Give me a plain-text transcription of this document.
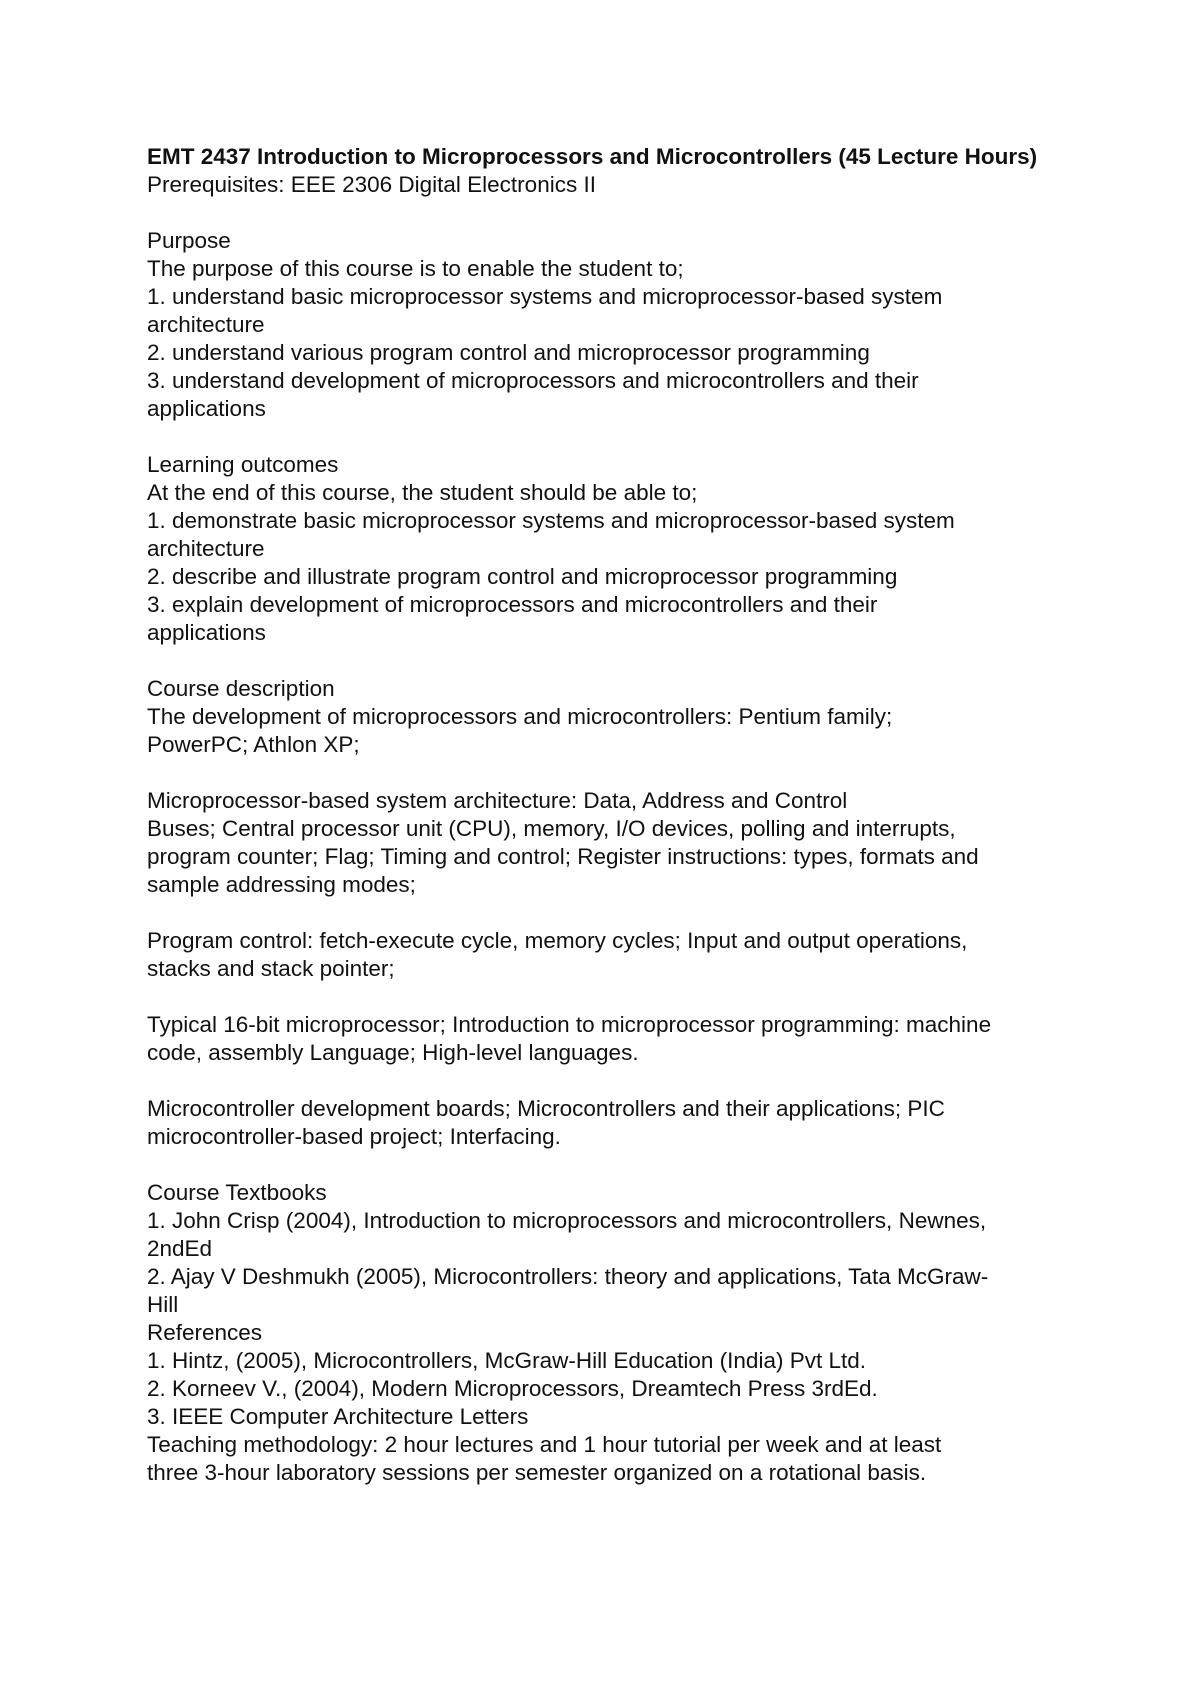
EMT 2437 Introduction to Microprocessors and Microcontrollers (45 Lecture Hours)
Prerequisites: EEE 2306 Digital Electronics II
Purpose
The purpose of this course is to enable the student to;
1. understand basic microprocessor systems and microprocessor-based system
architecture
2. understand various program control and microprocessor programming
3. understand development of microprocessors and microcontrollers and their
applications
Learning outcomes
At the end of this course, the student should be able to;
1. demonstrate basic microprocessor systems and microprocessor-based system
architecture
2. describe and illustrate program control and microprocessor programming
3. explain development of microprocessors and microcontrollers and their
applications
Course description
The development of microprocessors and microcontrollers: Pentium family;
PowerPC; Athlon XP;
Microprocessor-based system architecture: Data, Address and Control
Buses; Central processor unit (CPU), memory, I/O devices, polling and interrupts,
program counter; Flag; Timing and control; Register instructions: types, formats and
sample addressing modes;
Program control: fetch-execute cycle, memory cycles; Input and output operations,
stacks and stack pointer;
Typical 16-bit microprocessor; Introduction to microprocessor programming: machine
code, assembly Language; High-level languages.
Microcontroller development boards; Microcontrollers and their applications; PIC
microcontroller-based project; Interfacing.
Course Textbooks
1. John Crisp (2004), Introduction to microprocessors and microcontrollers, Newnes,
2ndEd
2. Ajay V Deshmukh (2005), Microcontrollers: theory and applications, Tata McGraw-
Hill
References
1. Hintz, (2005), Microcontrollers, McGraw-Hill Education (India) Pvt Ltd.
2. Korneev V., (2004), Modern Microprocessors, Dreamtech Press 3rdEd.
3. IEEE Computer Architecture Letters
Teaching methodology: 2 hour lectures and 1 hour tutorial per week and at least
three 3-hour laboratory sessions per semester organized on a rotational basis.
